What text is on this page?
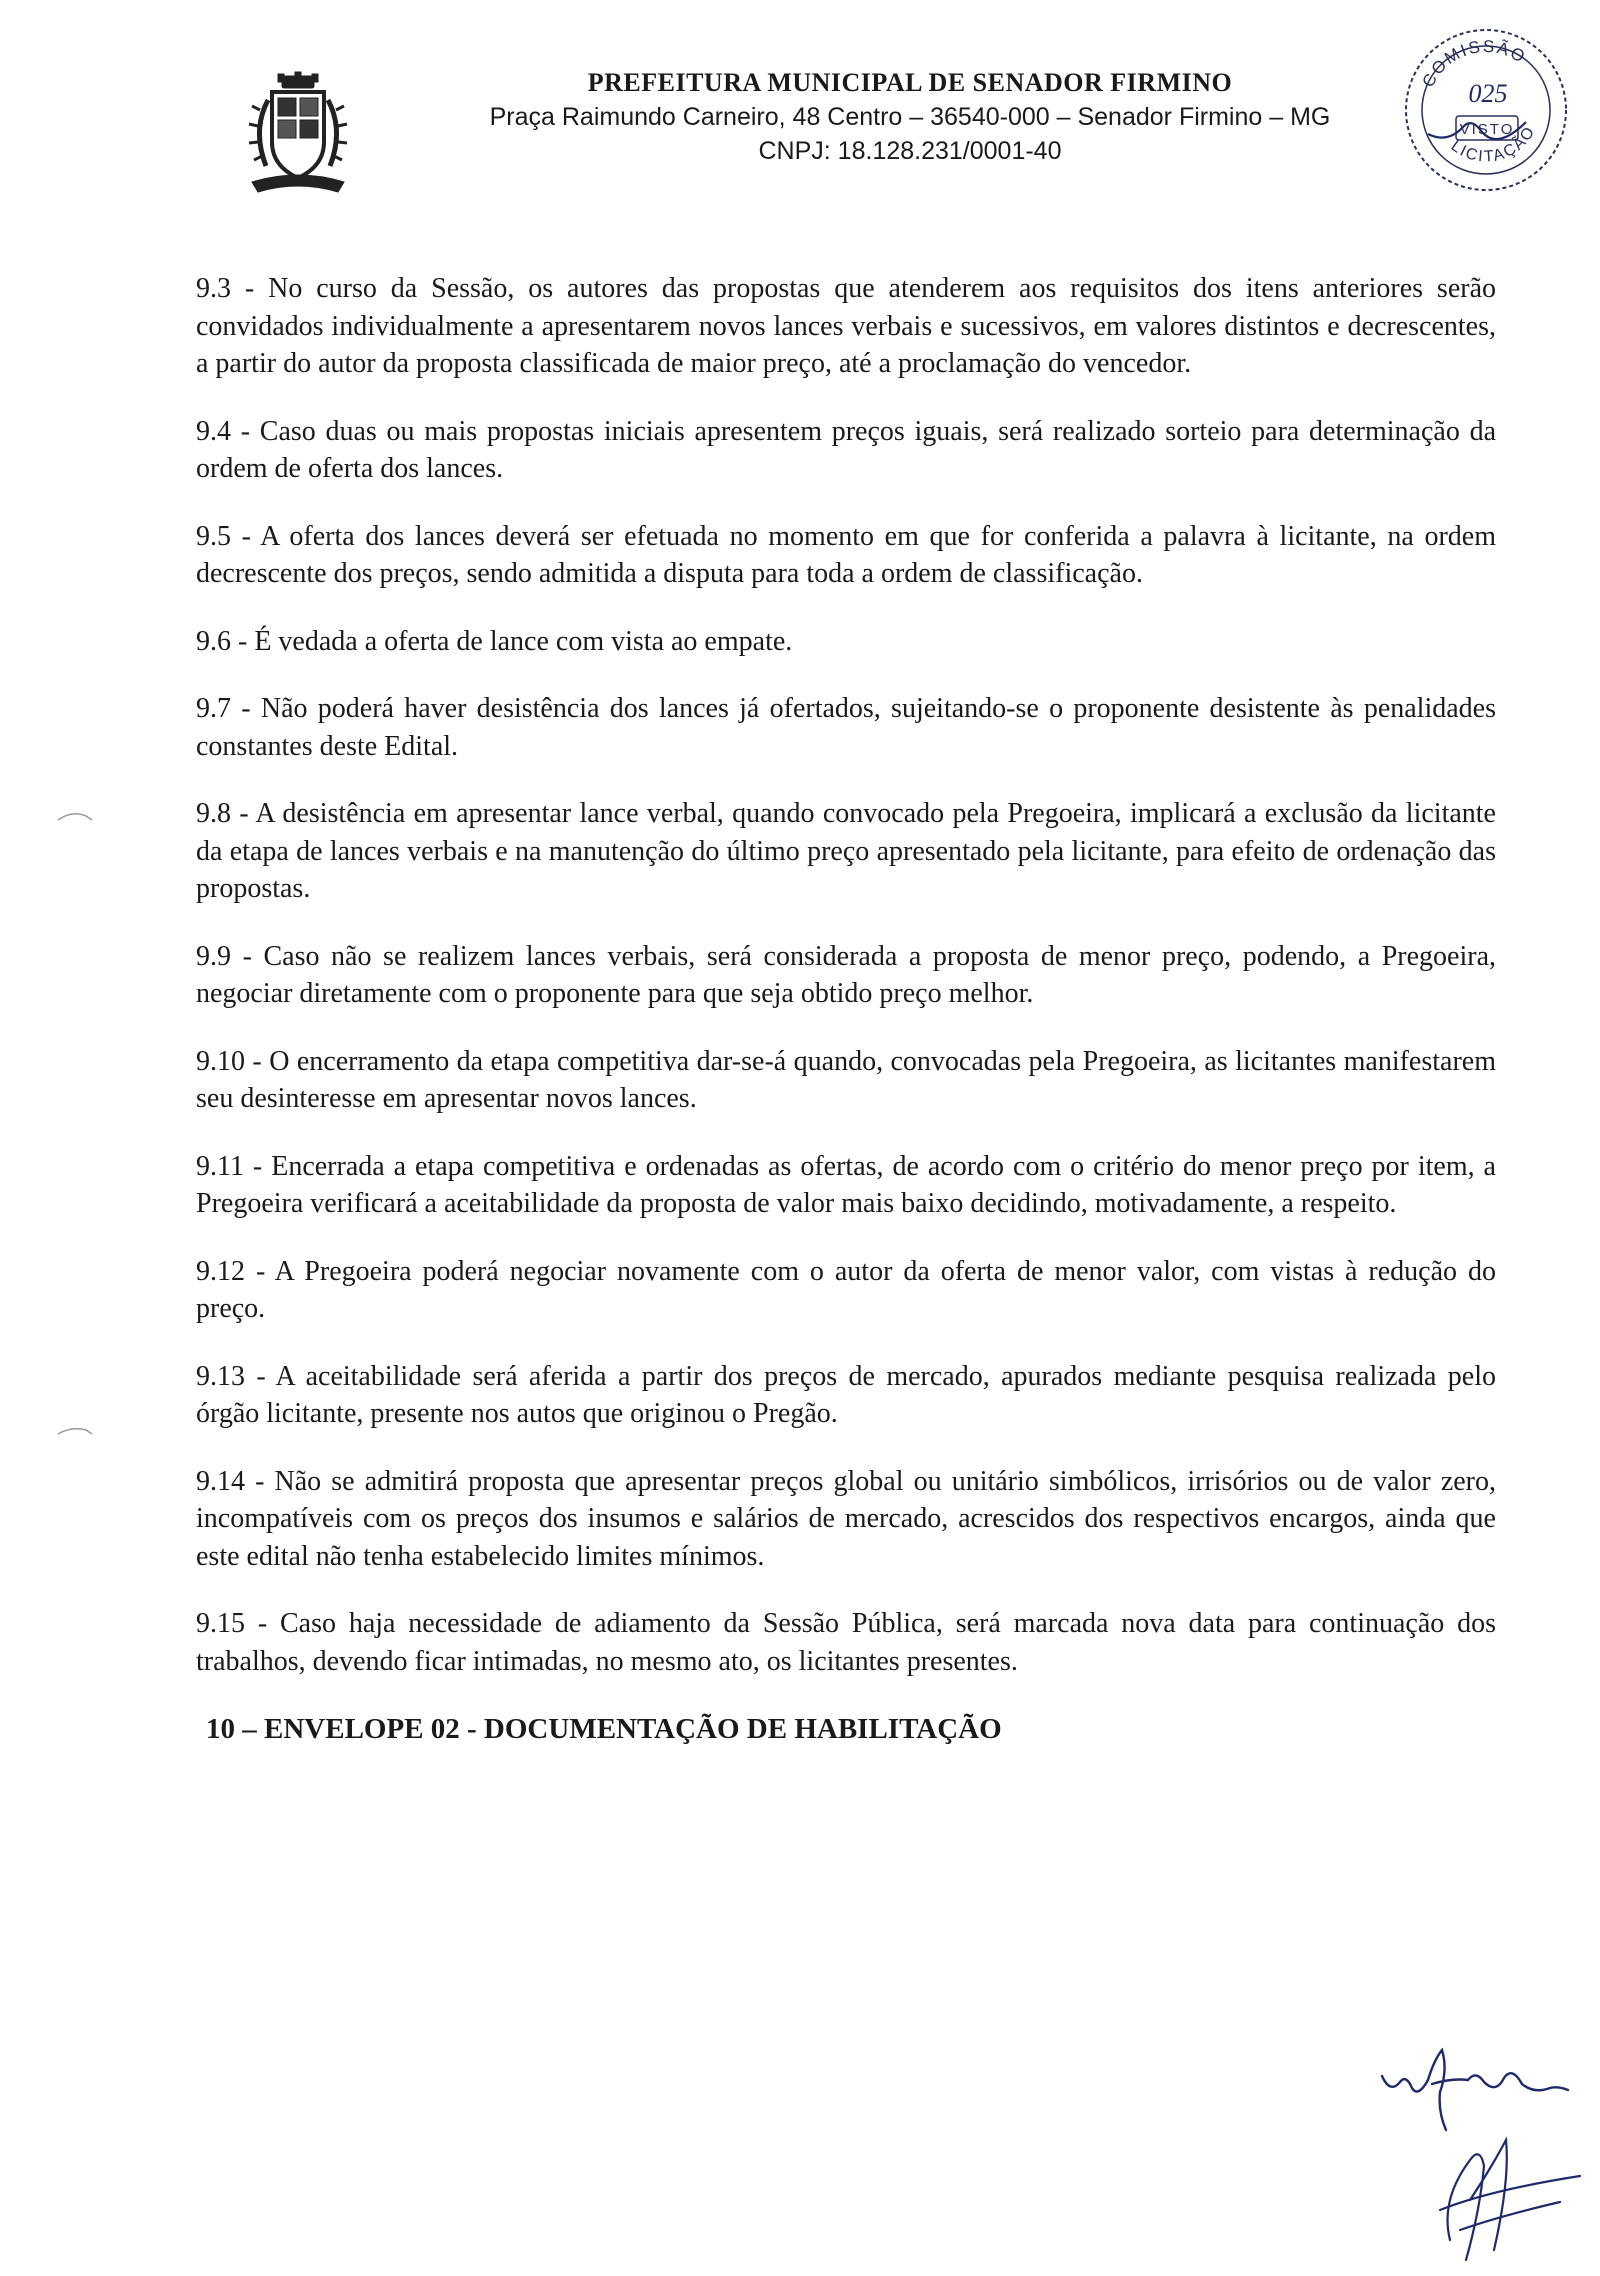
PREFEITURA MUNICIPAL DE SENADOR FIRMINO
Praça Raimundo Carneiro, 48 Centro – 36540-000 – Senador Firmino – MG
CNPJ: 18.128.231/0001-40
COMISSÃO
LICITAÇÃO
025
VISTO

9.3 - No curso da Sessão, os autores das propostas que atenderem aos requisitos dos itens anteriores serão convidados individualmente a apresentarem novos lances verbais e sucessivos, em valores distintos e decrescentes, a partir do autor da proposta classificada de maior preço, até a proclamação do vencedor.

9.4 - Caso duas ou mais propostas iniciais apresentem preços iguais, será realizado sorteio para determinação da ordem de oferta dos lances.

9.5 - A oferta dos lances deverá ser efetuada no momento em que for conferida a palavra à licitante, na ordem decrescente dos preços, sendo admitida a disputa para toda a ordem de classificação.

9.6 - É vedada a oferta de lance com vista ao empate.

9.7 - Não poderá haver desistência dos lances já ofertados, sujeitando-se o proponente desistente às penalidades constantes deste Edital.

9.8 - A desistência em apresentar lance verbal, quando convocado pela Pregoeira, implicará a exclusão da licitante da etapa de lances verbais e na manutenção do último preço apresentado pela licitante, para efeito de ordenação das propostas.

9.9 - Caso não se realizem lances verbais, será considerada a proposta de menor preço, podendo, a Pregoeira, negociar diretamente com o proponente para que seja obtido preço melhor.

9.10 - O encerramento da etapa competitiva dar-se-á quando, convocadas pela Pregoeira, as licitantes manifestarem seu desinteresse em apresentar novos lances.

9.11 - Encerrada a etapa competitiva e ordenadas as ofertas, de acordo com o critério do menor preço por item, a Pregoeira verificará a aceitabilidade da proposta de valor mais baixo decidindo, motivadamente, a respeito.

9.12 - A Pregoeira poderá negociar novamente com o autor da oferta de menor valor, com vistas à redução do preço.

9.13 - A aceitabilidade será aferida a partir dos preços de mercado, apurados mediante pesquisa realizada pelo órgão licitante, presente nos autos que originou o Pregão.

9.14 - Não se admitirá proposta que apresentar preços global ou unitário simbólicos, irrisórios ou de valor zero, incompatíveis com os preços dos insumos e salários de mercado, acrescidos dos respectivos encargos, ainda que este edital não tenha estabelecido limites mínimos.

9.15 - Caso haja necessidade de adiamento da Sessão Pública, será marcada nova data para continuação dos trabalhos, devendo ficar intimadas, no mesmo ato, os licitantes presentes.

10 – ENVELOPE 02 - DOCUMENTAÇÃO DE HABILITAÇÃO
